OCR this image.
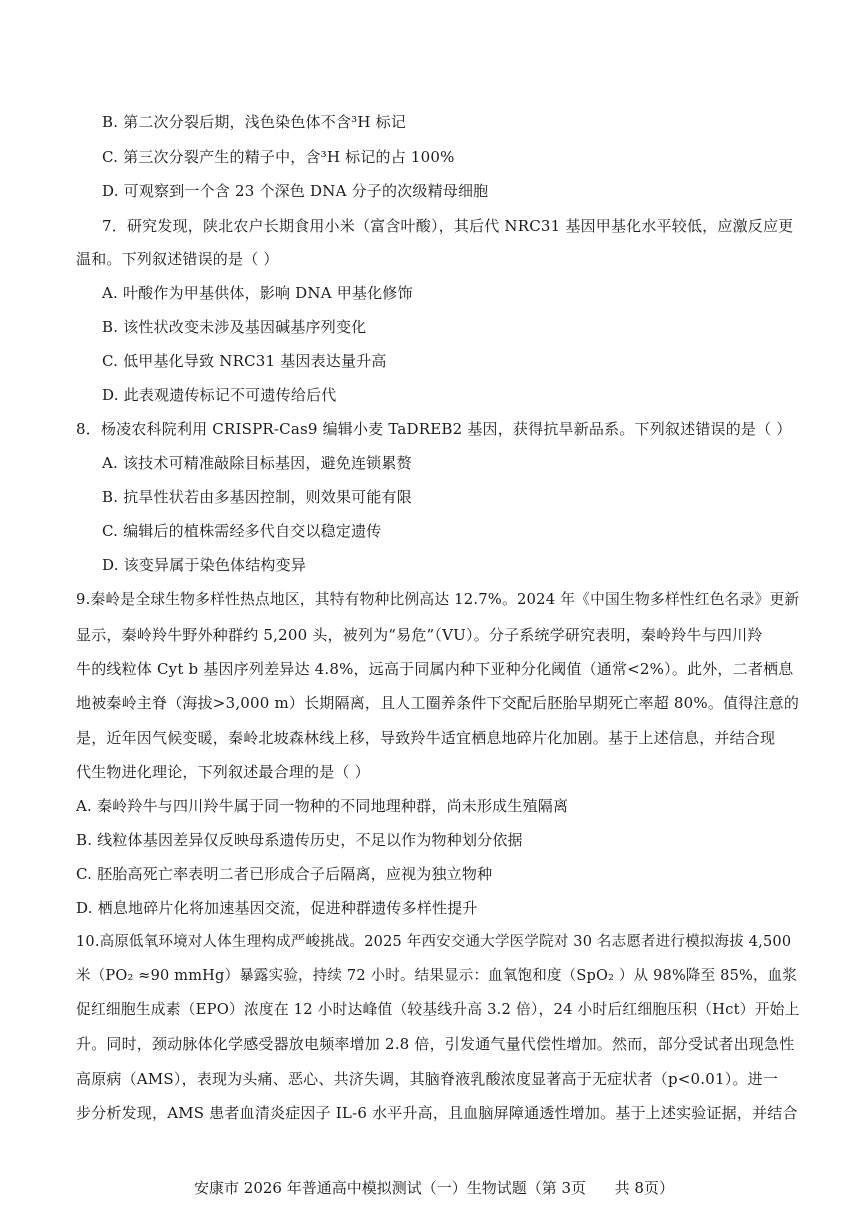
B. 第二次分裂后期，浅色染色体不含³H 标记
C. 第三次分裂产生的精子中，含³H 标记的占 100%
D. 可观察到一个含 23 个深色 DNA 分子的次级精母细胞
7．研究发现，陕北农户长期食用小米（富含叶酸），其后代 NRC31 基因甲基化水平较低，应激反应更
温和。下列叙述错误的是（ ）
A. 叶酸作为甲基供体，影响 DNA 甲基化修饰
B. 该性状改变未涉及基因碱基序列变化
C. 低甲基化导致 NRC31 基因表达量升高
D. 此表观遗传标记不可遗传给后代
8．杨凌农科院利用 CRISPR-Cas9 编辑小麦 TaDREB2 基因，获得抗旱新品系。下列叙述错误的是（ ）
A. 该技术可精准敲除目标基因，避免连锁累赘
B. 抗旱性状若由多基因控制，则效果可能有限
C. 编辑后的植株需经多代自交以稳定遗传
D. 该变异属于染色体结构变异
9.秦岭是全球生物多样性热点地区，其特有物种比例高达 12.7%。2024 年《中国生物多样性红色名录》更新
显示，秦岭羚牛野外种群约 5,200 头，被列为“易危”（VU）。分子系统学研究表明，秦岭羚牛与四川羚
牛的线粒体 Cyt b 基因序列差异达 4.8%，远高于同属内种下亚种分化阈值（通常<2%）。此外，二者栖息
地被秦岭主脊（海拔>3,000 m）长期隔离，且人工圈养条件下交配后胚胎早期死亡率超 80%。值得注意的
是，近年因气候变暖，秦岭北坡森林线上移，导致羚牛适宜栖息地碎片化加剧。基于上述信息，并结合现
代生物进化理论，下列叙述最合理的是（ ）
A. 秦岭羚牛与四川羚牛属于同一物种的不同地理种群，尚未形成生殖隔离
B. 线粒体基因差异仅反映母系遗传历史，不足以作为物种划分依据
C. 胚胎高死亡率表明二者已形成合子后隔离，应视为独立物种
D. 栖息地碎片化将加速基因交流，促进种群遗传多样性提升
10.高原低氧环境对人体生理构成严峻挑战。2025 年西安交通大学医学院对 30 名志愿者进行模拟海拔 4,500
米（PO₂ ≈90 mmHg）暴露实验，持续 72 小时。结果显示：血氧饱和度（SpO₂ ）从 98%降至 85%，血浆
促红细胞生成素（EPO）浓度在 12 小时达峰值（较基线升高 3.2 倍），24 小时后红细胞压积（Hct）开始上
升。同时，颈动脉体化学感受器放电频率增加 2.8 倍，引发通气量代偿性增加。然而，部分受试者出现急性
高原病（AMS），表现为头痛、恶心、共济失调，其脑脊液乳酸浓度显著高于无症状者（p<0.01）。进一
步分析发现，AMS 患者血清炎症因子 IL-6 水平升高，且血脑屏障通透性增加。基于上述实验证据，并结合
安康市 2026 年普通高中模拟测试（一）生物试题（第 3页      共 8页）
